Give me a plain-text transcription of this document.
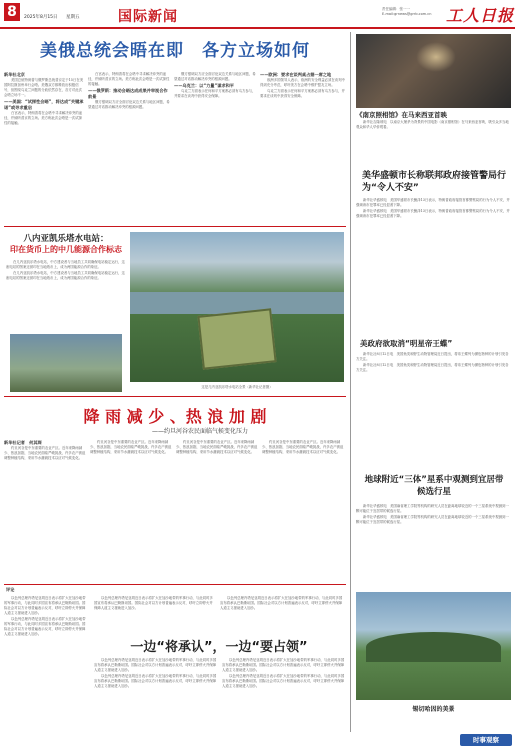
8	2025年8月15日 星期五	国际新闻	责任编辑：张一一
E-mail:grnews@grrb.com.cn 工人日报
美俄总统会晤在即　各方立场如何
新华社北京

美国总统特朗普与俄罗斯总统普京定于15日在美国阿拉斯加州举行会晤。美俄双方都释放出积极信号，但围绕乌克兰问题的分歧依然存在，各方对此次会晤立场不一。

——美国：“试探性会晤”，将达成“关键承诺”或寻求重启

白宫表示，特朗普将在会晤中寻求解决冲突的途径，并倾听普京的立场。美方称此次会晤是一次试探性的接触。

白宫表示，特朗普将在会晤中寻求解决冲突的途径，并倾听普京的立场。美方称此次会晤是一次试探性的接触。

——俄罗斯：推动会晤达成成果并审视合作前景

俄方强调双方应全面讨论双边关系与地区问题，希望通过对话推动解决冲突的根源问题。

俄方强调双方应全面讨论双边关系与地区问题，希望通过对话推动解决冲突的根源问题。

——乌克兰：以“力量”谋求和平

乌克兰方面表示任何和平方案都必须有乌方参与，并要求在谈判中获得安全保障。

——欧洲：要求在谈判桌占据一席之地

欧洲多国领导人表示，欧洲的安全利益必须在谈判中得到充分考虑，呼吁美方在会晤中维护盟友立场。

乌克兰方面表示任何和平方案都必须有乌方参与，并要求在谈判中获得安全保障。

《南京照相馆》在马来西亚首映

新华社吉隆坡电　以南京大屠杀为背景的中国电影《南京照相馆》在马来西亚首映，吸引众多当地观众和华人华侨观看。

美华盛顿市长称联邦政府接管警局行为“令人不安”

新华社华盛顿电　美国华盛顿市长鲍泽13日表示，特朗普政府接管首都警察局的行为令人不安，并强调该市犯罪率已经显著下降。

新华社华盛顿电　美国华盛顿市长鲍泽13日表示，特朗普政府接管首都警察局的行为令人不安，并强调该市犯罪率已经显著下降。

美政府欲取消“明星帝王蝶”

新华社社8月12日电　美国鱼类和野生动物管理局近日提出，将帝王蝶列为濒危物种的计划引发各方关注。

新华社社8月12日电　美国鱼类和野生动物管理局近日提出，将帝王蝶列为濒危物种的计划引发各方关注。

地球附近“三体”星系中观测到宜居带候选行星

新华社华盛顿电　美国麻省理工学院等机构的研究人员在距离地球较近的一个三星系统中观测到一颗可能位于宜居带的候选行星。

新华社华盛顿电　美国麻省理工学院等机构的研究人员在距离地球较近的一个三星系统中观测到一颗可能位于宜居带的候选行星。

锡切哈因的美景
八内亚凯乐塔水电站：
印在货币上的中几能源合作标志

在几内亚凯乐塔水电站，中方建设者与当地员工共同确保电站稳定运行，这座电站的图案还被印在当地纸币上，成为两国能源合作的象征。

在几内亚凯乐塔水电站，中方建设者与当地员工共同确保电站稳定运行，这座电站的图案还被印在当地纸币上，成为两国能源合作的象征。

这是几内亚凯乐塔水电站全景（新华社记者摄）
降 雨 减 少 、热 浪 加 剧
——约旦河谷农民面临气候变化压力
新华社记者　何其琛

约旦河谷是中东重要的农业产区。近年来降雨减少、热浪加剧，当地农民面临严峻挑战，许多农户被迫调整种植结构，采用节水灌溉技术以应对气候变化。

约旦河谷是中东重要的农业产区。近年来降雨减少、热浪加剧，当地农民面临严峻挑战，许多农户被迫调整种植结构，采用节水灌溉技术以应对气候变化。

约旦河谷是中东重要的农业产区。近年来降雨减少、热浪加剧，当地农民面临严峻挑战，许多农户被迫调整种植结构，采用节水灌溉技术以应对气候变化。

约旦河谷是中东重要的农业产区。近年来降雨减少、热浪加剧，当地农民面临严峻挑战，许多农户被迫调整种植结构，采用节水灌溉技术以应对气候变化。

评论

以色列总理内塔尼亚胡近日表示将扩大在加沙地带的军事行动，与此同时多国宣布将承认巴勒斯坦国。国际社会对以方计划普遍表示反对，呼吁立即停火并保障人道主义援助进入加沙。

以色列总理内塔尼亚胡近日表示将扩大在加沙地带的军事行动，与此同时多国宣布将承认巴勒斯坦国。国际社会对以方计划普遍表示反对，呼吁立即停火并保障人道主义援助进入加沙。

一边“将承认”，一边“要占领”

以色列总理内塔尼亚胡近日表示将扩大在加沙地带的军事行动，与此同时多国宣布将承认巴勒斯坦国。国际社会对以方计划普遍表示反对，呼吁立即停火并保障人道主义援助进入加沙。

以色列总理内塔尼亚胡近日表示将扩大在加沙地带的军事行动，与此同时多国宣布将承认巴勒斯坦国。国际社会对以方计划普遍表示反对，呼吁立即停火并保障人道主义援助进入加沙。

以色列总理内塔尼亚胡近日表示将扩大在加沙地带的军事行动，与此同时多国宣布将承认巴勒斯坦国。国际社会对以方计划普遍表示反对，呼吁立即停火并保障人道主义援助进入加沙。

以色列总理内塔尼亚胡近日表示将扩大在加沙地带的军事行动，与此同时多国宣布将承认巴勒斯坦国。国际社会对以方计划普遍表示反对，呼吁立即停火并保障人道主义援助进入加沙。

以色列总理内塔尼亚胡近日表示将扩大在加沙地带的军事行动，与此同时多国宣布将承认巴勒斯坦国。国际社会对以方计划普遍表示反对，呼吁立即停火并保障人道主义援助进入加沙。

以色列总理内塔尼亚胡近日表示将扩大在加沙地带的军事行动，与此同时多国宣布将承认巴勒斯坦国。国际社会对以方计划普遍表示反对，呼吁立即停火并保障人道主义援助进入加沙。

时事观察
